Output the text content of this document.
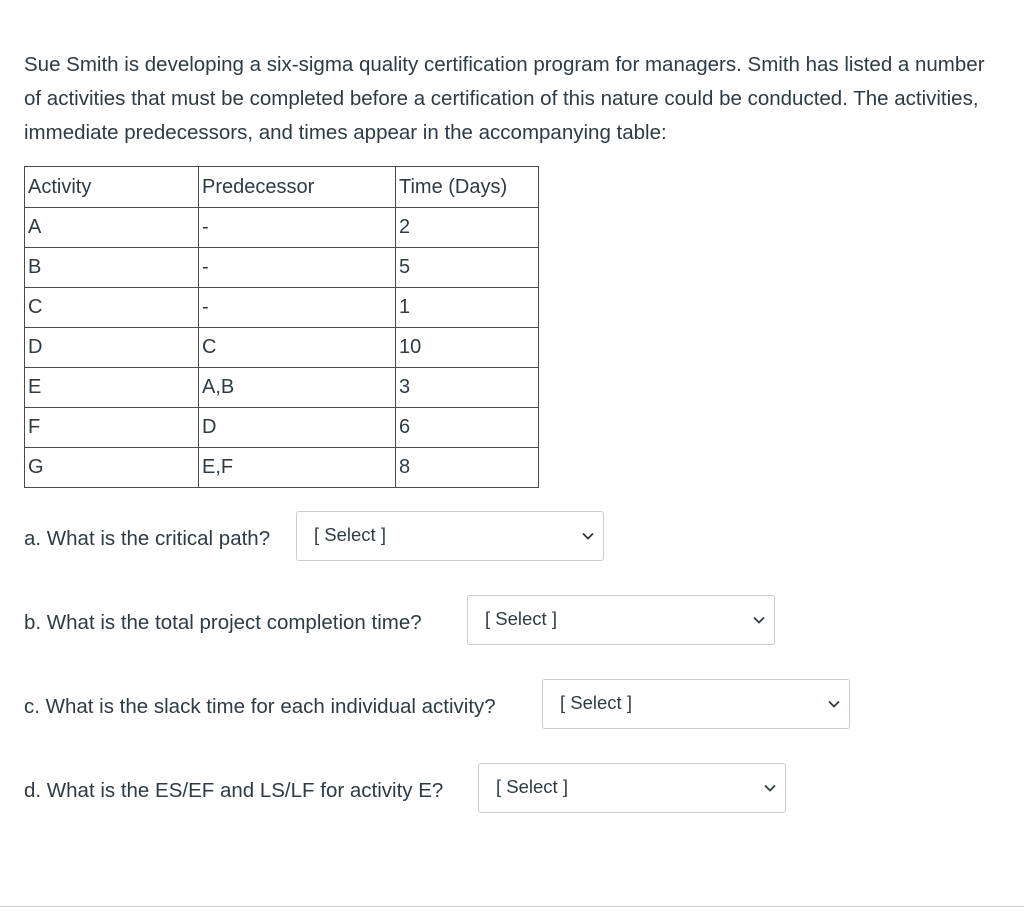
Sue Smith is developing a six-sigma quality certification program for managers. Smith has listed a number of activities that must be completed before a certification of this nature could be conducted. The activities, immediate predecessors, and times appear in the accompanying table:

Activity	Predecessor	Time (Days)
A	-	2
B	-	5
C	-	1
D	C	10
E	A,B	3
F	D	6
G	E,F	8
a. What is the critical path? [ Select ]
b. What is the total project completion time?	[ Select ]
c. What is the slack time for each individual activity?	[ Select ]
d. What is the ES/EF and LS/LF for activity E?	[ Select ]
